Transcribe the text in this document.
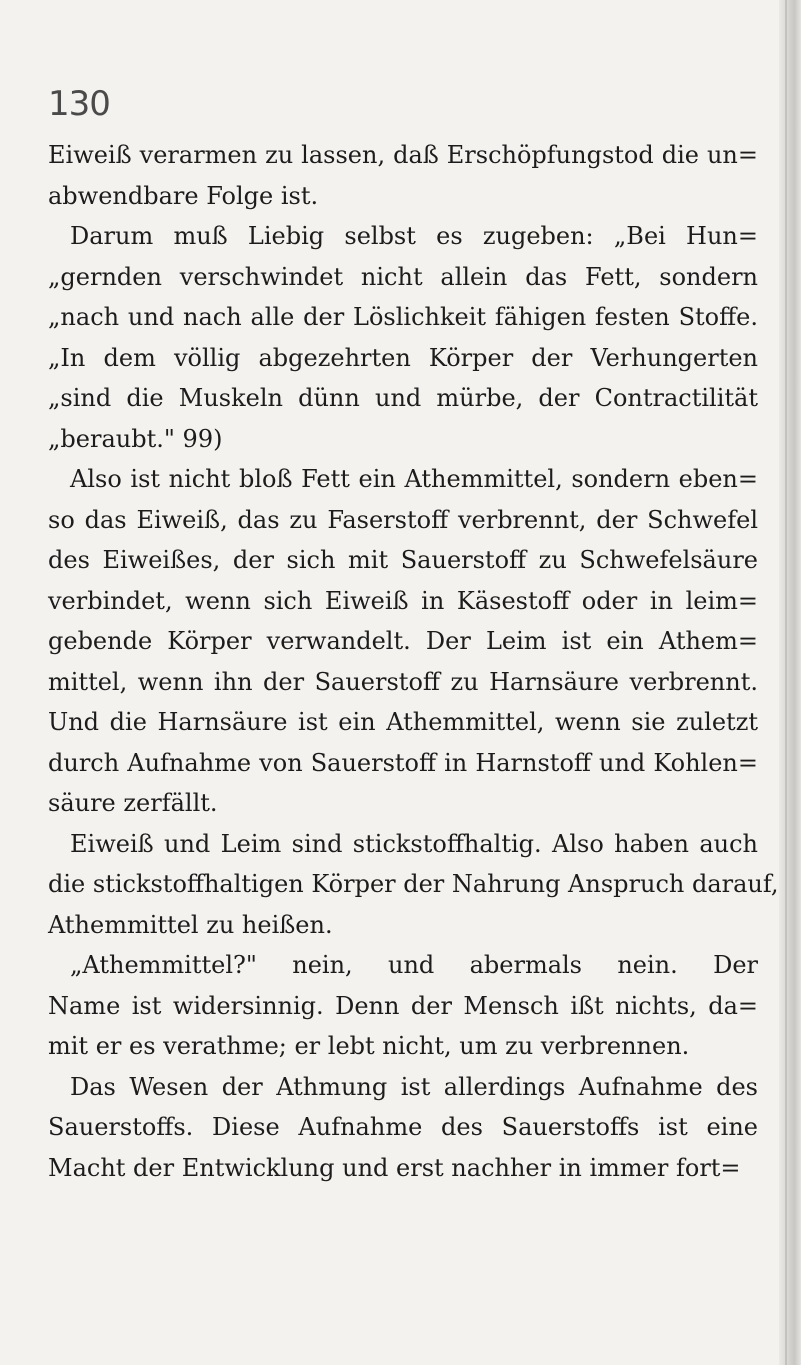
130

Eiweiß verarmen zu lassen, daß Erschöpfungstod die un=
abwendbare Folge ist.

Darum muß Liebig selbst es zugeben: „Bei Hun=
„gernden verschwindet nicht allein das Fett, sondern
„nach und nach alle der Löslichkeit fähigen festen Stoffe.
„In dem völlig abgezehrten Körper der Verhungerten
„sind die Muskeln dünn und mürbe, der Contractilität
„beraubt." 99)

Also ist nicht bloß Fett ein Athemmittel, sondern eben=
so das Eiweiß, das zu Faserstoff verbrennt, der Schwefel
des Eiweißes, der sich mit Sauerstoff zu Schwefelsäure
verbindet, wenn sich Eiweiß in Käsestoff oder in leim=
gebende Körper verwandelt. Der Leim ist ein Athem=
mittel, wenn ihn der Sauerstoff zu Harnsäure verbrennt.
Und die Harnsäure ist ein Athemmittel, wenn sie zuletzt
durch Aufnahme von Sauerstoff in Harnstoff und Kohlen=
säure zerfällt.

Eiweiß und Leim sind stickstoffhaltig. Also haben auch
die stickstoffhaltigen Körper der Nahrung Anspruch darauf,
Athemmittel zu heißen.

„Athemmittel?" nein, und abermals nein. Der
Name ist widersinnig. Denn der Mensch ißt nichts, da=
mit er es verathme; er lebt nicht, um zu verbrennen.

Das Wesen der Athmung ist allerdings Aufnahme des
Sauerstoffs. Diese Aufnahme des Sauerstoffs ist eine
Macht der Entwicklung und erst nachher in immer fort=
